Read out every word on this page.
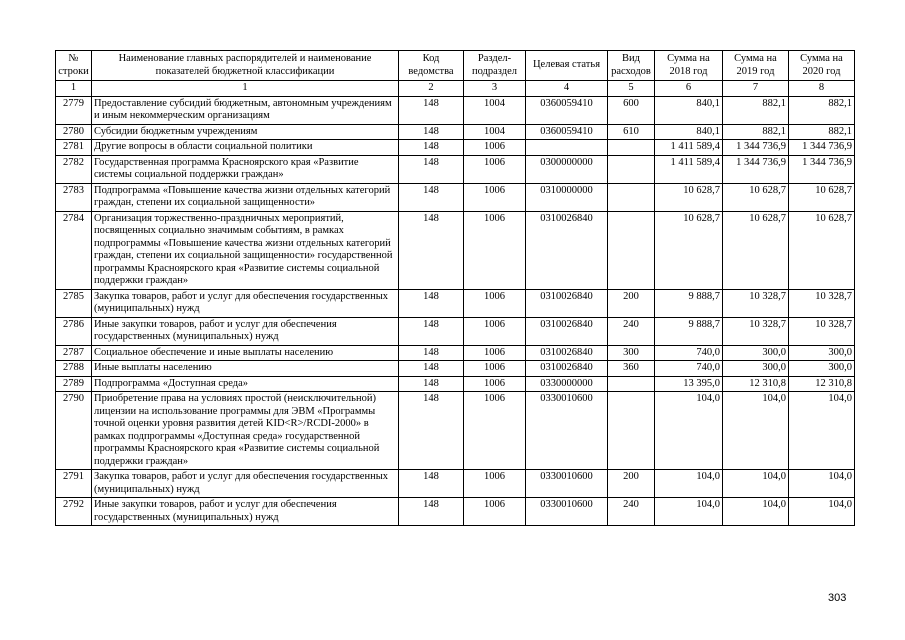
№ строки	Наименование главных распорядителей и наименование показателей бюджетной классификации	Код ведомства	Раздел-подраздел	Целевая статья	Вид расходов	Сумма на 2018 год	Сумма на 2019 год	Сумма на 2020 год
1	1	2	3	4	5	6	7	8
2779	Предоставление субсидий бюджетным, автономным учреждениям и иным некоммерческим организациям	148	1004	0360059410	600	840,1	882,1	882,1
2780	Субсидии бюджетным учреждениям	148	1004	0360059410	610	840,1	882,1	882,1
2781	Другие вопросы в области социальной политики	148	1006			1 411 589,4	1 344 736,9	1 344 736,9
2782	Государственная программа Красноярского края «Развитие системы социальной поддержки граждан»	148	1006	0300000000		1 411 589,4	1 344 736,9	1 344 736,9
2783	Подпрограмма «Повышение качества жизни отдельных категорий граждан, степени их социальной защищенности»	148	1006	0310000000		10 628,7	10 628,7	10 628,7
2784	Организация торжественно-праздничных мероприятий, посвященных социально значимым событиям, в рамках подпрограммы «Повышение качества жизни отдельных категорий граждан, степени их социальной защищенности» государственной программы Красноярского края «Развитие системы социальной поддержки граждан»	148	1006	0310026840		10 628,7	10 628,7	10 628,7
2785	Закупка товаров, работ и услуг для обеспечения государственных (муниципальных) нужд	148	1006	0310026840	200	9 888,7	10 328,7	10 328,7
2786	Иные закупки товаров, работ и услуг для обеспечения государственных (муниципальных) нужд	148	1006	0310026840	240	9 888,7	10 328,7	10 328,7
2787	Социальное обеспечение и иные выплаты населению	148	1006	0310026840	300	740,0	300,0	300,0
2788	Иные выплаты населению	148	1006	0310026840	360	740,0	300,0	300,0
2789	Подпрограмма «Доступная среда»	148	1006	0330000000		13 395,0	12 310,8	12 310,8
2790	Приобретение права на условиях простой (неисключительной) лицензии на использование программы для ЭВМ «Программы точной оценки уровня развития детей KID<R>/RCDI-2000» в рамках подпрограммы «Доступная среда» государственной программы Красноярского края «Развитие системы социальной поддержки граждан»	148	1006	0330010600		104,0	104,0	104,0
2791	Закупка товаров, работ и услуг для обеспечения государственных (муниципальных) нужд	148	1006	0330010600	200	104,0	104,0	104,0
2792	Иные закупки товаров, работ и услуг для обеспечения государственных (муниципальных) нужд	148	1006	0330010600	240	104,0	104,0	104,0
303
